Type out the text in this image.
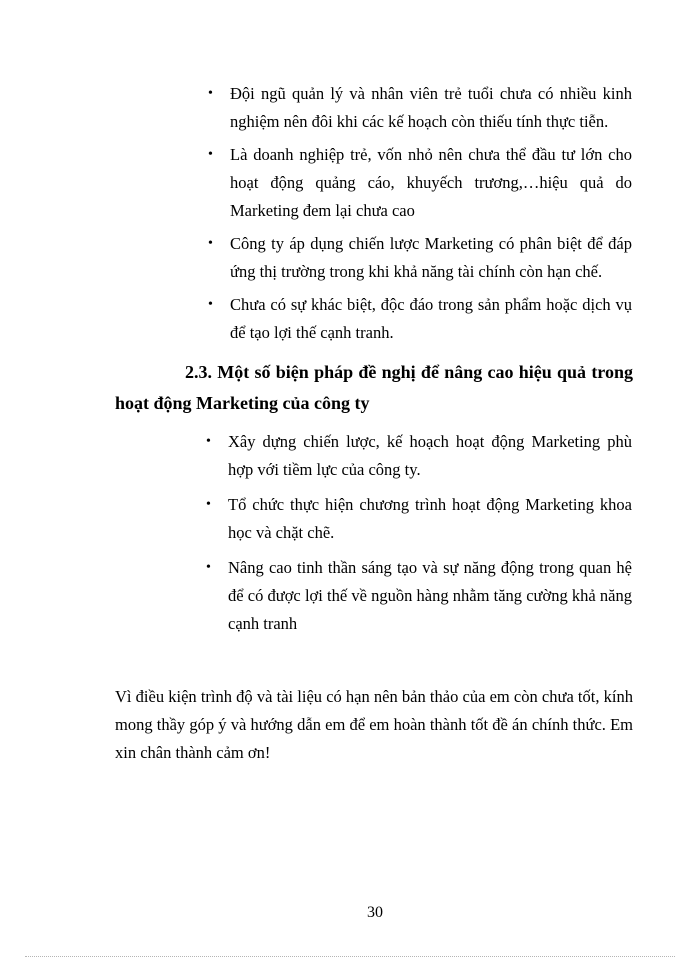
• Đội ngũ quản lý và nhân viên trẻ tuổi chưa có nhiều kinh nghiệm nên đôi khi các kế hoạch còn thiếu tính thực tiễn.
• Là doanh nghiệp trẻ, vốn nhỏ nên chưa thể đầu tư lớn cho hoạt động quảng cáo, khuyếch trương,…hiệu quả do Marketing đem lại chưa cao
• Công ty áp dụng chiến lược Marketing có phân biệt để đáp ứng thị trường trong khi khả năng tài chính còn hạn chế.
• Chưa có sự khác biệt, độc đáo trong sản phẩm hoặc dịch vụ để tạo lợi thế cạnh tranh.

2.3. Một số biện pháp đề nghị để nâng cao hiệu quả trong hoạt động Marketing của công ty

• Xây dựng chiến lược, kế hoạch hoạt động Marketing phù hợp với tiềm lực của công ty.
• Tổ chức thực hiện chương trình hoạt động Marketing khoa học và chặt chẽ.
• Nâng cao tinh thần sáng tạo và sự năng động trong quan hệ để có được lợi thế về nguồn hàng nhằm tăng cường khả năng cạnh tranh

Vì điều kiện trình độ và tài liệu có hạn nên bản thảo của em còn chưa tốt, kính mong thầy góp ý và hướng dẫn em để em hoàn thành tốt đề án chính thức. Em xin chân thành cảm ơn!

30
